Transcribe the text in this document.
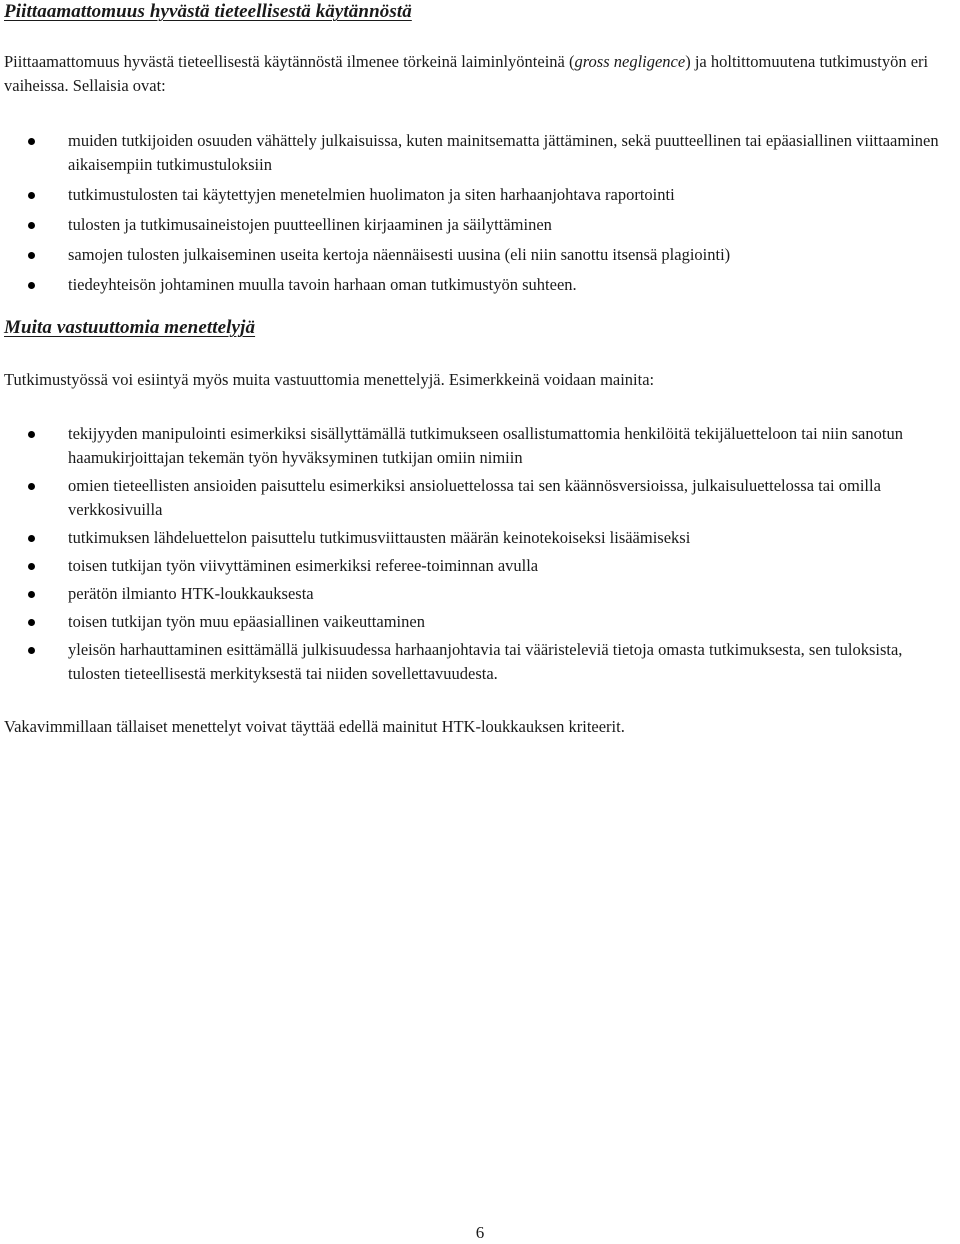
Piittaamattomuus hyvästä tieteellisestä käytännöstä

Piittaamattomuus hyvästä tieteellisestä käytännöstä ilmenee törkeinä laiminlyönteinä (gross negligence) ja holtittomuutena tutkimustyön eri vaiheissa. Sellaisia ovat:

muiden tutkijoiden osuuden vähättely julkaisuissa, kuten mainitsematta jättäminen, sekä puutteellinen tai epäasiallinen viittaaminen aikaisempiin tutkimustuloksiin
tutkimustulosten tai käytettyjen menetelmien huolimaton ja siten harhaanjohtava raportointi
tulosten ja tutkimusaineistojen puutteellinen kirjaaminen ja säilyttäminen
samojen tulosten julkaiseminen useita kertoja näennäisesti uusina (eli niin sanottu itsensä plagiointi)
tiedeyhteisön johtaminen muulla tavoin harhaan oman tutkimustyön suhteen.
Muita vastuuttomia menettelyjä

Tutkimustyössä voi esiintyä myös muita vastuuttomia menettelyjä. Esimerkkeinä voidaan mainita:

tekijyyden manipulointi esimerkiksi sisällyttämällä tutkimukseen osallistumattomia henkilöitä tekijäluetteloon tai niin sanotun haamukirjoittajan tekemän työn hyväksyminen tutkijan omiin nimiin
omien tieteellisten ansioiden paisuttelu esimerkiksi ansioluettelossa tai sen käännösversioissa, julkaisuluettelossa tai omilla verkkosivuilla
tutkimuksen lähdeluettelon paisuttelu tutkimusviittausten määrän keinotekoiseksi lisäämiseksi
toisen tutkijan työn viivyttäminen esimerkiksi referee-toiminnan avulla
perätön ilmianto HTK-loukkauksesta
toisen tutkijan työn muu epäasiallinen vaikeuttaminen
yleisön harhauttaminen esittämällä julkisuudessa harhaanjohtavia tai vääristeleviä tietoja omasta tutkimuksesta, sen tuloksista, tulosten tieteellisestä merkityksestä tai niiden sovellettavuudesta.

Vakavimmillaan tällaiset menettelyt voivat täyttää edellä mainitut HTK-loukkauksen kriteerit.

6
